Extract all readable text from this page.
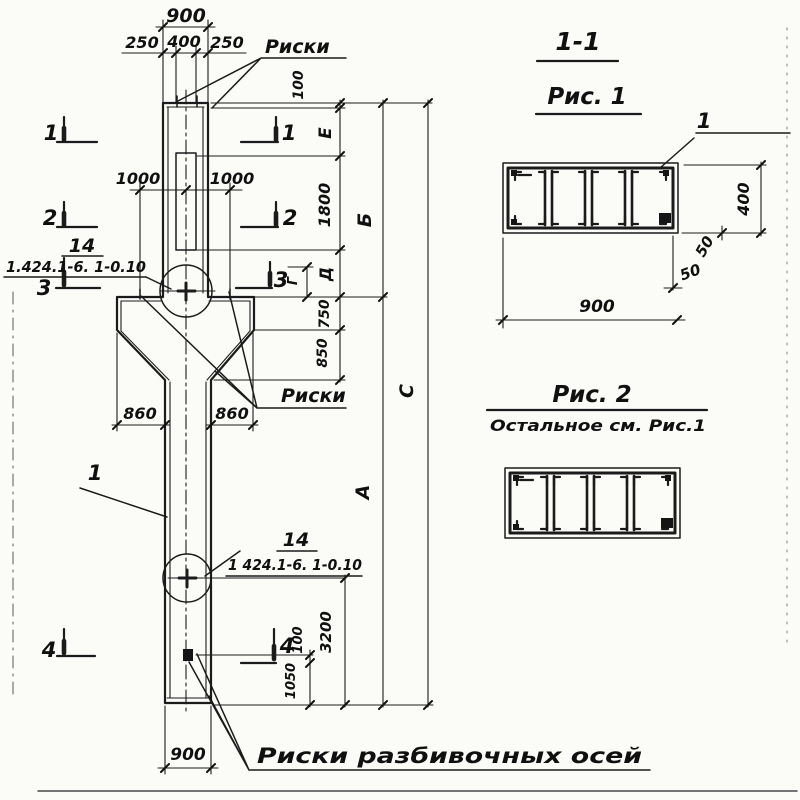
900
250 400 250
1000	1000
860	860
900
100
Е
1800
Д
750
850
Б
А
С
Г
100 3200
1050
1	1
2	2
3	3
4	4
Риски
Риски
Риски разбивочных осей
14
1.424.1-6. 1-0.10
14
1 424.1-6. 1-0.10
1
1-1
Рис. 1
1
400
50
50
900
Рис. 2
Остальное см. Рис.1
